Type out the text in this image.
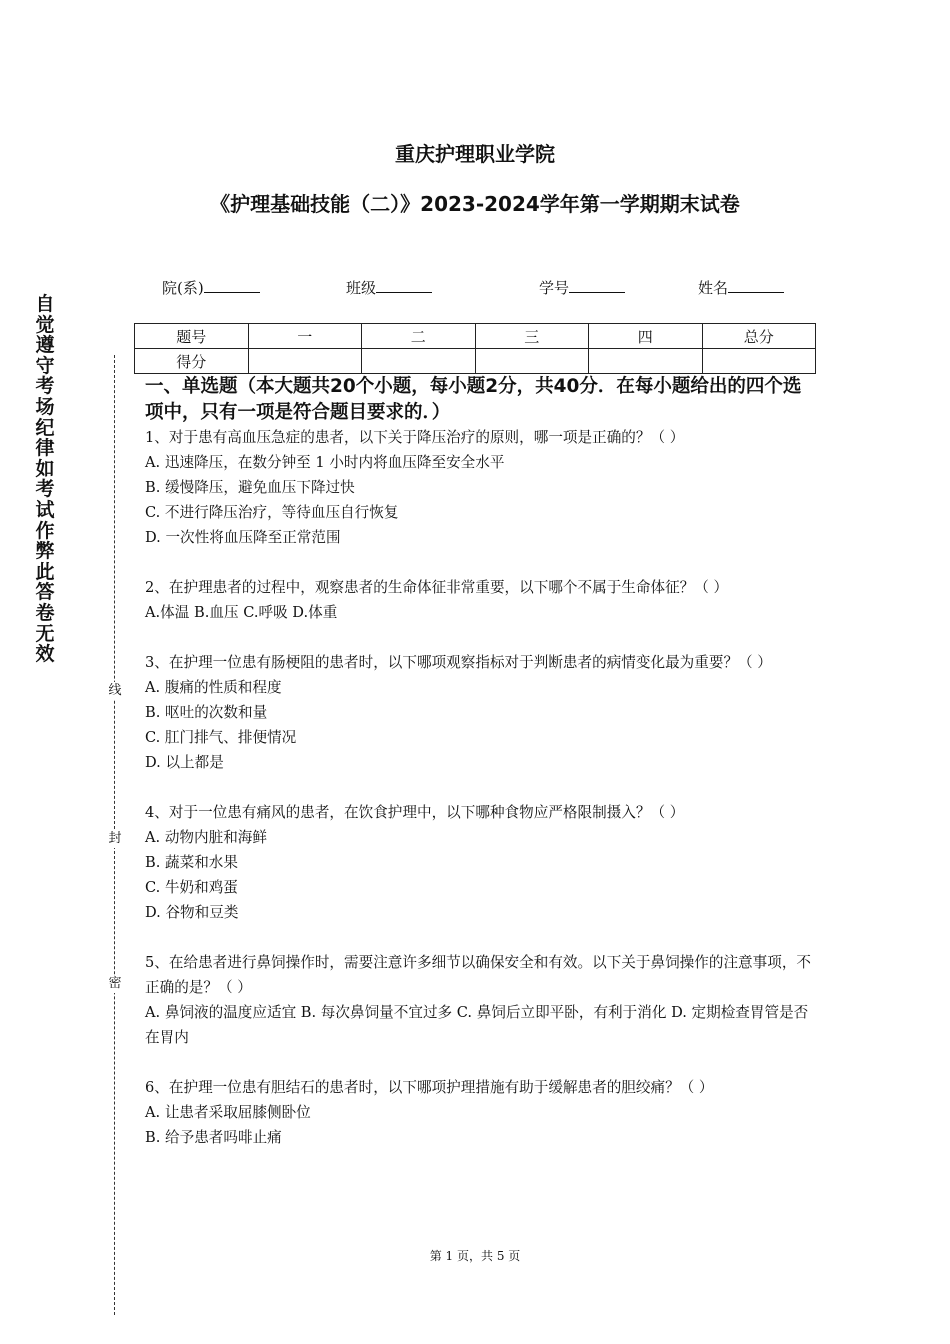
重庆护理职业学院
《护理基础技能（二）》2023-2024学年第一学期期末试卷
院(系)	班级	学号	姓名
题号	一	二	三	四	总分
得分					
自觉遵守考场纪律如考试作弊此答卷无效
线
封
密
一、单选题（本大题共20个小题，每小题2分，共40分．在每小题给出的四个选项中，只有一项是符合题目要求的．）

1、对于患有高血压急症的患者，以下关于降压治疗的原则，哪一项是正确的？（ ）

A. 迅速降压，在数分钟至 1 小时内将血压降至安全水平

B. 缓慢降压，避免血压下降过快

C. 不进行降压治疗，等待血压自行恢复

D. 一次性将血压降至正常范围

2、在护理患者的过程中，观察患者的生命体征非常重要，以下哪个不属于生命体征？（ ）

A.体温 B.血压 C.呼吸 D.体重

3、在护理一位患有肠梗阻的患者时，以下哪项观察指标对于判断患者的病情变化最为重要？（ ）

A. 腹痛的性质和程度

B. 呕吐的次数和量

C. 肛门排气、排便情况

D. 以上都是

4、对于一位患有痛风的患者，在饮食护理中，以下哪种食物应严格限制摄入？（ ）

A. 动物内脏和海鲜

B. 蔬菜和水果

C. 牛奶和鸡蛋

D. 谷物和豆类

5、在给患者进行鼻饲操作时，需要注意许多细节以确保安全和有效。以下关于鼻饲操作的注意事项，不正确的是？（ ）

A. 鼻饲液的温度应适宜 B. 每次鼻饲量不宜过多 C. 鼻饲后立即平卧，有利于消化 D. 定期检查胃管是否在胃内

6、在护理一位患有胆结石的患者时，以下哪项护理措施有助于缓解患者的胆绞痛？（ ）

A. 让患者采取屈膝侧卧位

B. 给予患者吗啡止痛

第 1 页，共 5 页
